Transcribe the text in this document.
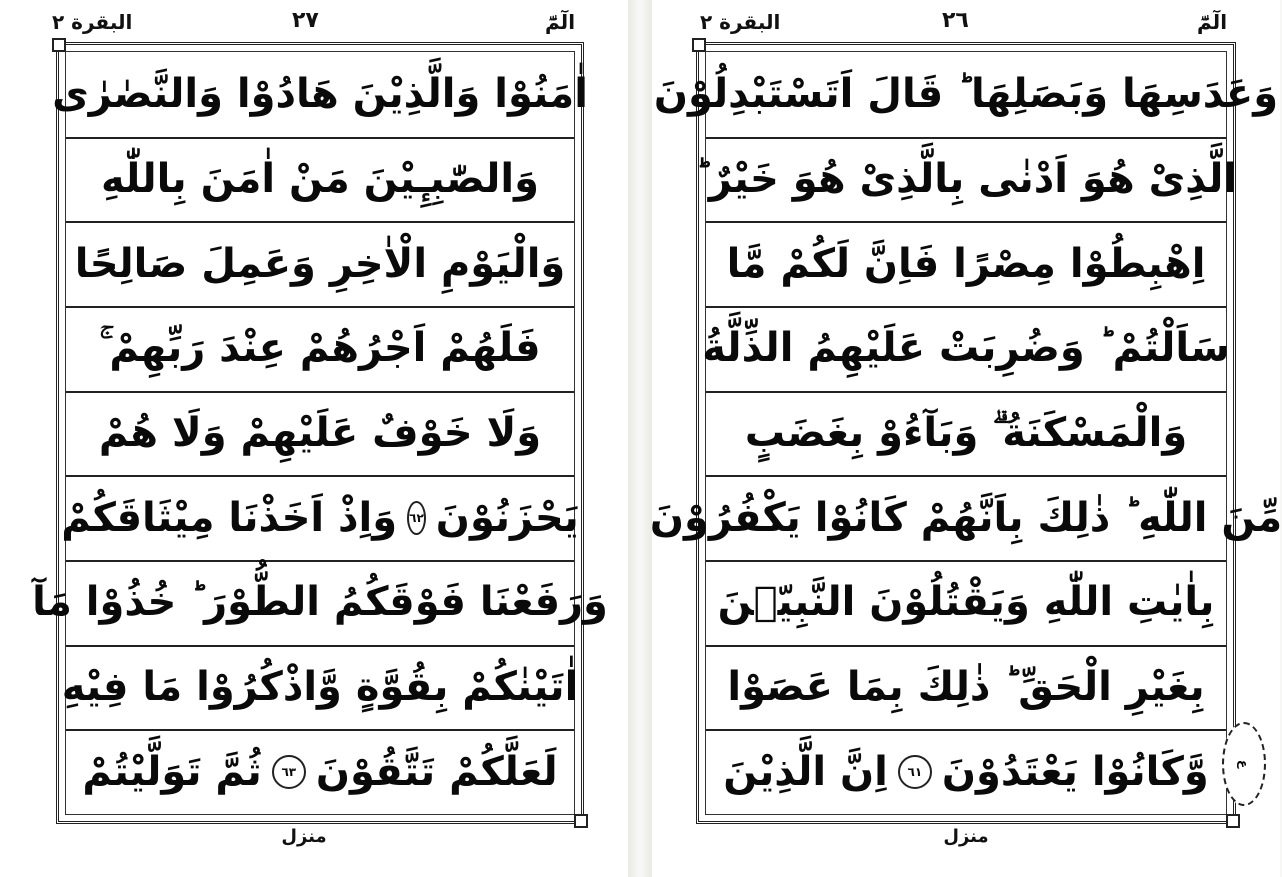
البقرة ٢	٢٧	الٓمّٓ
اٰمَنُوْا وَالَّذِيْنَ هَادُوْا وَالنَّصٰرٰى
وَالصّٰبِـِٕيْنَ مَنْ اٰمَنَ بِاللّٰهِ
وَالْيَوْمِ الْاٰخِرِ وَعَمِلَ صَالِحًا
فَلَهُمْ اَجْرُهُمْ عِنْدَ رَبِّهِمْ ۚ
وَلَا خَوْفٌ عَلَيْهِمْ وَلَا هُمْ
يَحْزَنُوْنَ
٦٢
وَاِذْ اَخَذْنَا مِيْثَاقَكُمْ
وَرَفَعْنَا فَوْقَكُمُ الطُّوْرَ ؕ خُذُوْا مَآ
اٰتَيْنٰكُمْ بِقُوَّةٍ وَّاذْكُرُوْا مَا فِيْهِ
لَعَلَّكُمْ تَتَّقُوْنَ
٦٣
ثُمَّ تَوَلَّيْتُمْ
منزل
البقرة ٢	٢٦	الٓمّٓ
وَعَدَسِهَا وَبَصَلِهَا ؕ قَالَ اَتَسْتَبْدِلُوْنَ
الَّذِىْ هُوَ اَدْنٰى بِالَّذِىْ هُوَ خَيْرٌ ؕ
اِهْبِطُوْا مِصْرًا فَاِنَّ لَكُمْ مَّا
سَاَلْتُمْ ؕ وَضُرِبَتْ عَلَيْهِمُ الذِّلَّةُ
وَالْمَسْكَنَةُ ۗ وَبَآءُوْ بِغَضَبٍ
مِّنَ اللّٰهِ ؕ ذٰلِكَ بِاَنَّهُمْ كَانُوْا يَكْفُرُوْنَ
بِاٰيٰتِ اللّٰهِ وَيَقْتُلُوْنَ النَّبِيّٖنَ
بِغَيْرِ الْحَقِّ ؕ ذٰلِكَ بِمَا عَصَوْا
وَّكَانُوْا يَعْتَدُوْنَ
٦١
اِنَّ الَّذِيْنَ	ع
منزل
